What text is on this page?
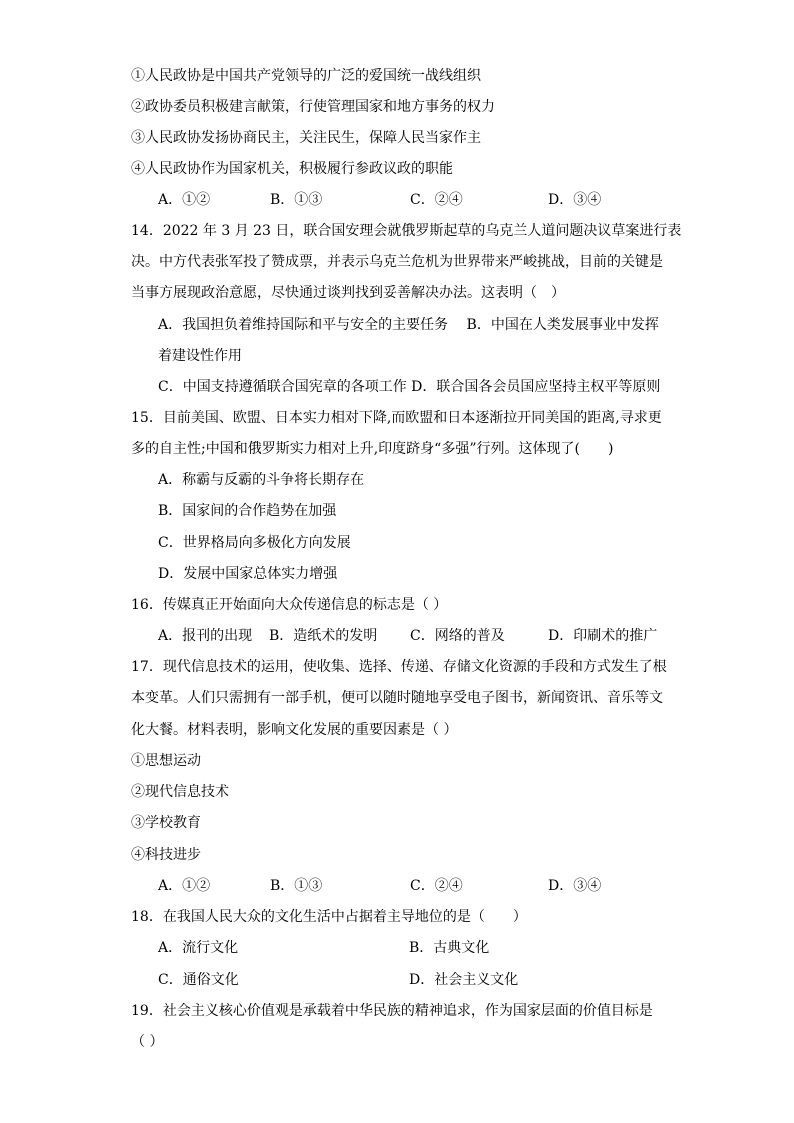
①人民政协是中国共产党领导的广泛的爱国统一战线组织
②政协委员积极建言献策，行使管理国家和地方事务的权力
③人民政协发扬协商民主，关注民生，保障人民当家作主
④人民政协作为国家机关，积极履行参政议政的职能
A．①②	B．①③	C．②④	D．③④
14．2022 年 3 月 23 日，联合国安理会就俄罗斯起草的乌克兰人道问题决议草案进行表
决。中方代表张军投了赞成票，并表示乌克兰危机为世界带来严峻挑战，目前的关键是
当事方展现政治意愿，尽快通过谈判找到妥善解决办法。这表明（　）
A．我国担负着维持国际和平与安全的主要任务　 B．中国在人类发展事业中发挥
着建设性作用
C．中国支持遵循联合国宪章的各项工作 D．联合国各会员国应坚持主权平等原则
15．目前美国、欧盟、日本实力相对下降,而欧盟和日本逐渐拉开同美国的距离,寻求更
多的自主性;中国和俄罗斯实力相对上升,印度跻身“多强”行列。这体现了(　　)
A．称霸与反霸的斗争将长期存在
B．国家间的合作趋势在加强
C．世界格局向多极化方向发展
D．发展中国家总体实力增强
16．传媒真正开始面向大众传递信息的标志是（ ）
A．报刊的出现 B．造纸术的发明 C．网络的普及	D．印刷术的推广
17．现代信息技术的运用，使收集、选择、传递、存储文化资源的手段和方式发生了根
本变革。人们只需拥有一部手机，便可以随时随地享受电子图书，新闻资讯、音乐等文
化大餐。材料表明，影响文化发展的重要因素是（ ）
①思想运动
②现代信息技术
③学校教育
④科技进步
A．①②	B．①③	C．②④	D．③④
18．在我国人民大众的文化生活中占据着主导地位的是（　　）
A．流行文化	B．古典文化
C．通俗文化	D．社会主义文化
19．社会主义核心价值观是承载着中华民族的精神追求，作为国家层面的价值目标是
（ ）
